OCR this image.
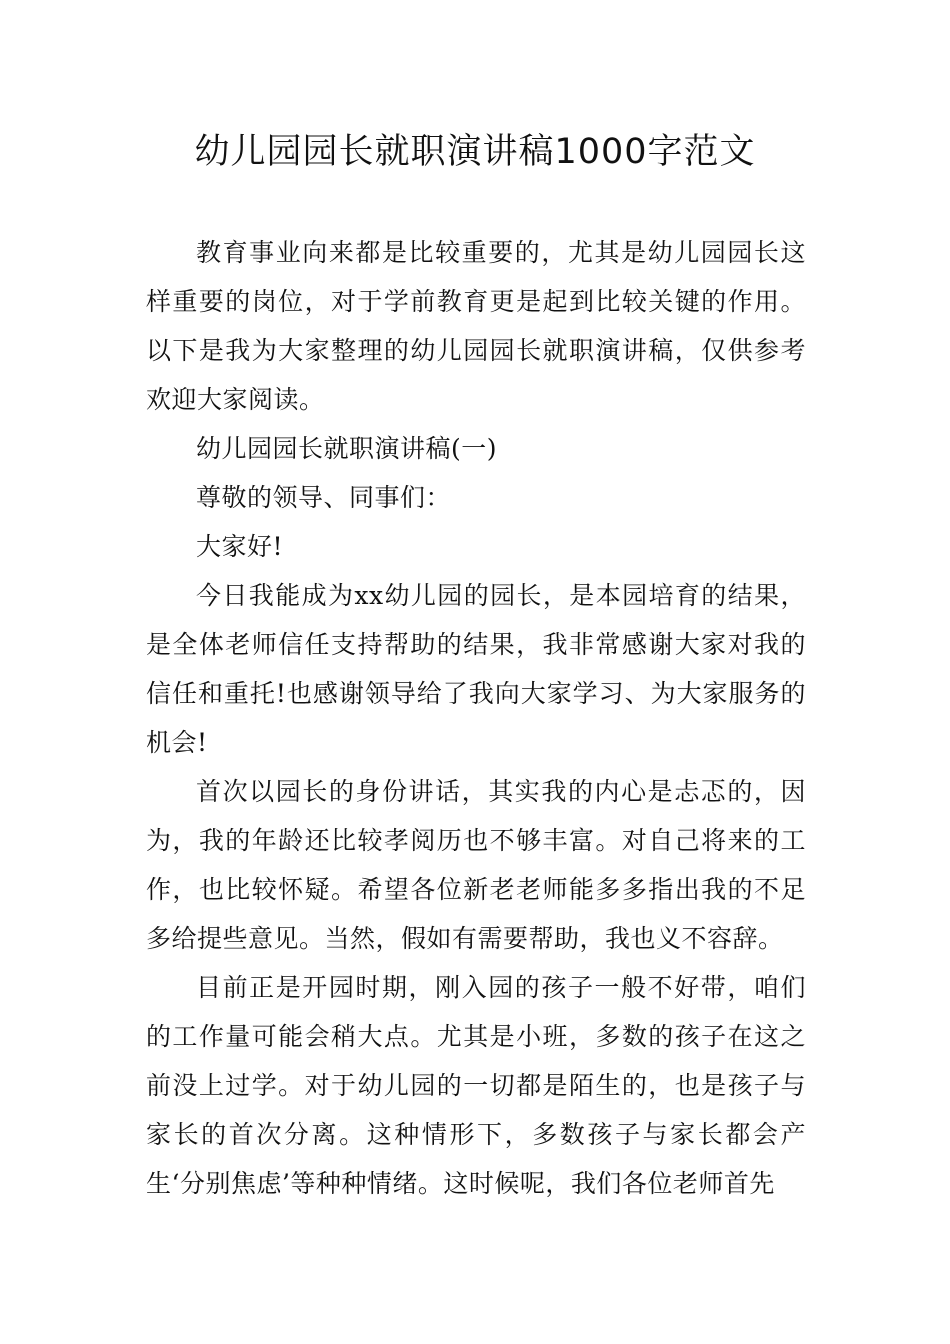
幼儿园园长就职演讲稿1000字范文

教育事业向来都是比较重要的，尤其是幼儿园园长这样重要的岗位，对于学前教育更是起到比较关键的作用。以下是我为大家整理的幼儿园园长就职演讲稿，仅供参考欢迎大家阅读。

幼儿园园长就职演讲稿(一)

尊敬的领导、同事们：

大家好!

今日我能成为xx幼儿园的园长，是本园培育的结果，是全体老师信任支持帮助的结果，我非常感谢大家对我的信任和重托!也感谢领导给了我向大家学习、为大家服务的机会!

首次以园长的身份讲话，其实我的内心是忐忑的，因为，我的年龄还比较孝阅历也不够丰富。对自己将来的工作，也比较怀疑。希望各位新老老师能多多指出我的不足多给提些意见。当然，假如有需要帮助，我也义不容辞。

目前正是开园时期，刚入园的孩子一般不好带，咱们的工作量可能会稍大点。尤其是小班，多数的孩子在这之前没上过学。对于幼儿园的一切都是陌生的，也是孩子与家长的首次分离。这种情形下，多数孩子与家长都会产生‘分别焦虑’等种种情绪。这时候呢，我们各位老师首先
